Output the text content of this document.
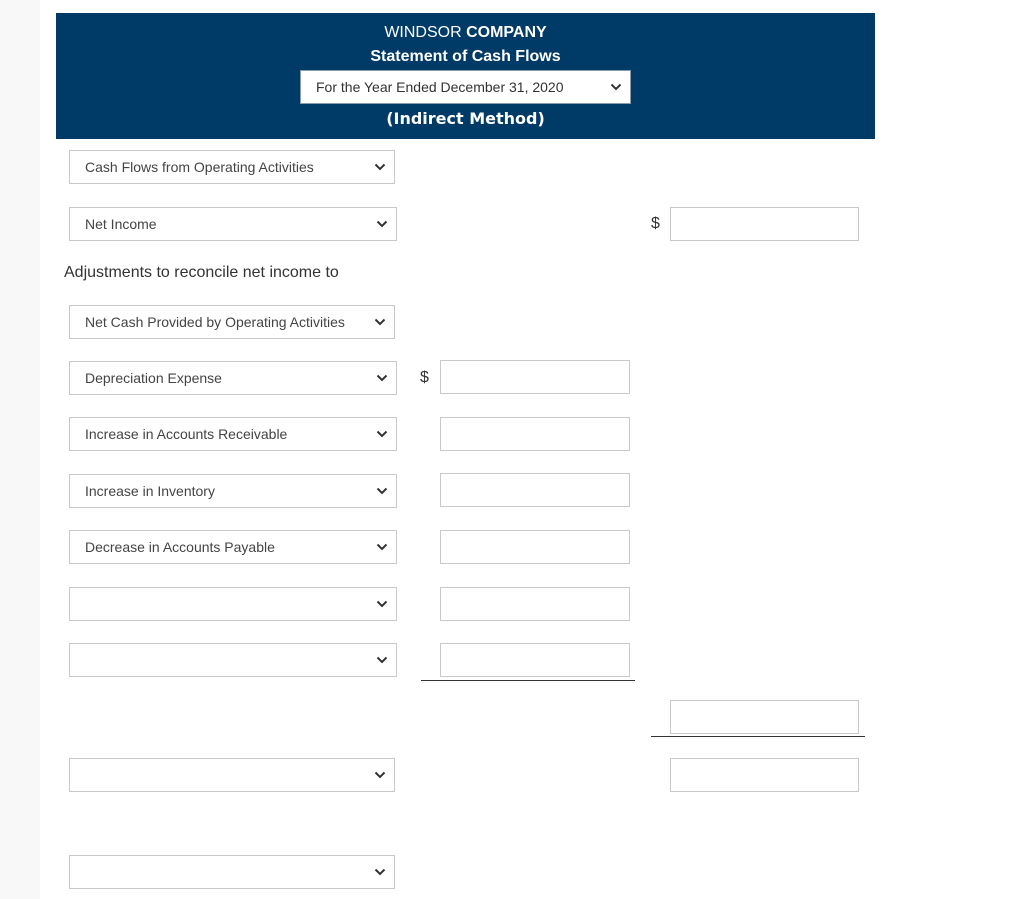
WINDSOR COMPANY
Statement of Cash Flows
For the Year Ended December 31, 2020
(Indirect Method)
Cash Flows from Operating Activities
Net Income	$
Adjustments to reconcile net income to
Net Cash Provided by Operating Activities
Depreciation Expense	$
Increase in Accounts Receivable
Increase in Inventory
Decrease in Accounts Payable
